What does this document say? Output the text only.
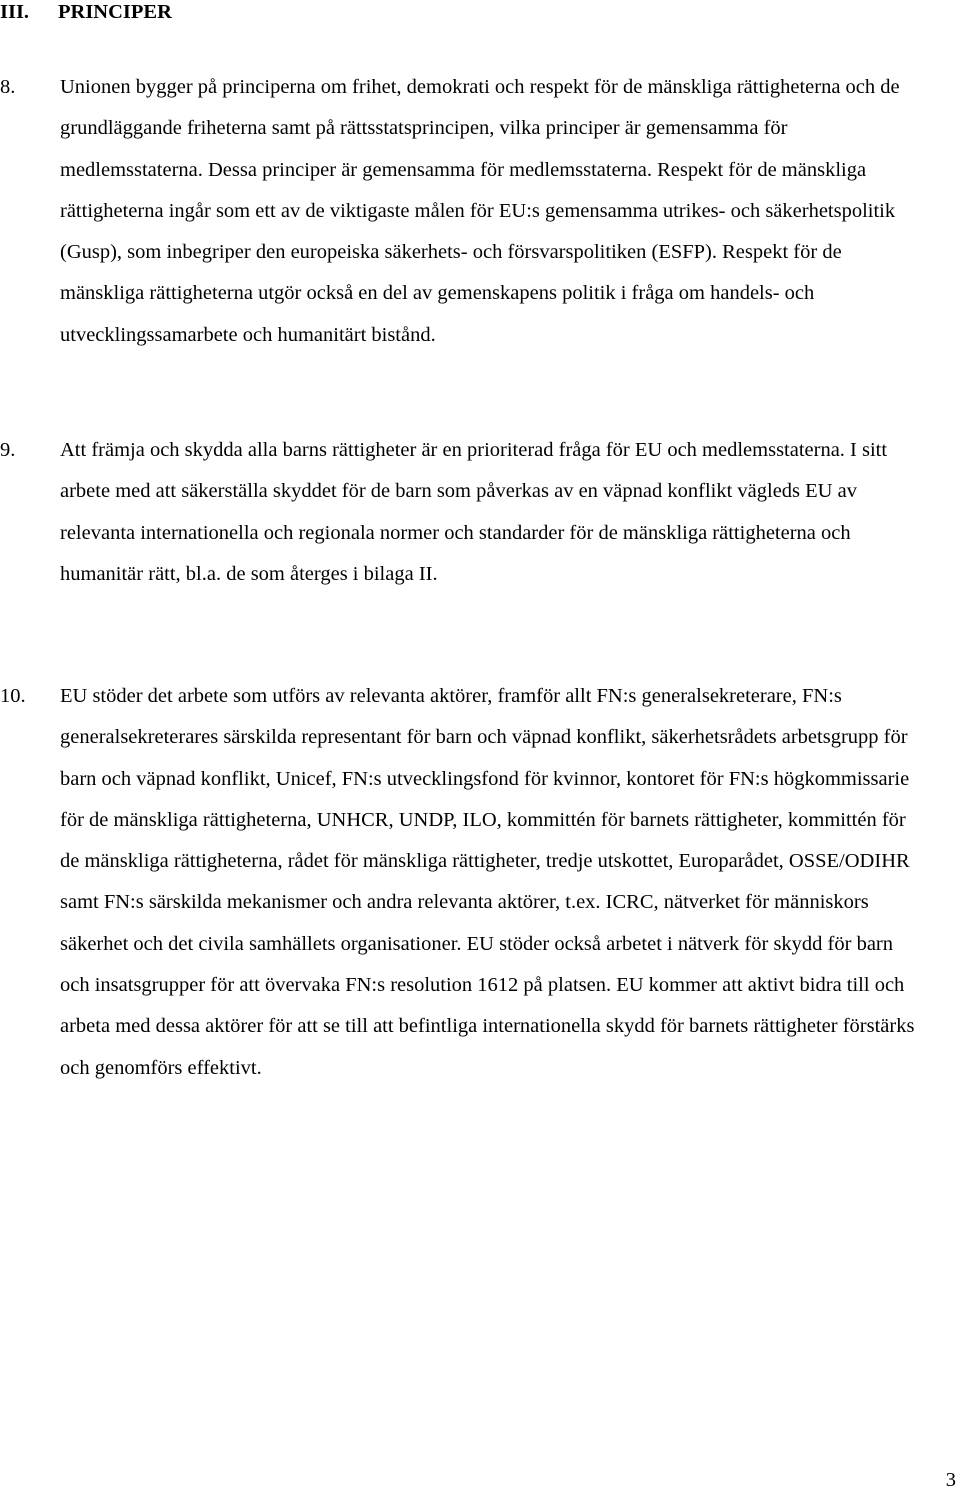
III. PRINCIPER
8. Unionen bygger på principerna om frihet, demokrati och respekt för de mänskliga rättigheterna och de grundläggande friheterna samt på rättsstatsprincipen, vilka principer är gemensamma för medlemsstaterna. Dessa principer är gemensamma för medlemsstaterna. Respekt för de mänskliga rättigheterna ingår som ett av de viktigaste målen för EU:s gemensamma utrikes- och säkerhetspolitik (Gusp), som inbegriper den europeiska säkerhets- och försvarspolitiken (ESFP). Respekt för de mänskliga rättigheterna utgör också en del av gemenskapens politik i fråga om handels- och utvecklingssamarbete och humanitärt bistånd.
9. Att främja och skydda alla barns rättigheter är en prioriterad fråga för EU och medlemsstaterna. I sitt arbete med att säkerställa skyddet för de barn som påverkas av en väpnad konflikt vägleds EU av relevanta internationella och regionala normer och standarder för de mänskliga rättigheterna och humanitär rätt, bl.a. de som återges i bilaga II.
10. EU stöder det arbete som utförs av relevanta aktörer, framför allt FN:s generalsekreterare, FN:s generalsekreterares särskilda representant för barn och väpnad konflikt, säkerhetsrådets arbetsgrupp för barn och väpnad konflikt, Unicef, FN:s utvecklingsfond för kvinnor, kontoret för FN:s högkommissarie för de mänskliga rättigheterna, UNHCR, UNDP, ILO, kommittén för barnets rättigheter, kommittén för de mänskliga rättigheterna, rådet för mänskliga rättigheter, tredje utskottet, Europarådet, OSSE/ODIHR samt FN:s särskilda mekanismer och andra relevanta aktörer, t.ex. ICRC, nätverket för människors säkerhet och det civila samhällets organisationer. EU stöder också arbetet i nätverk för skydd för barn och insatsgrupper för att övervaka FN:s resolution 1612 på platsen. EU kommer att aktivt bidra till och arbeta med dessa aktörer för att se till att befintliga internationella skydd för barnets rättigheter förstärks och genomförs effektivt.
3
